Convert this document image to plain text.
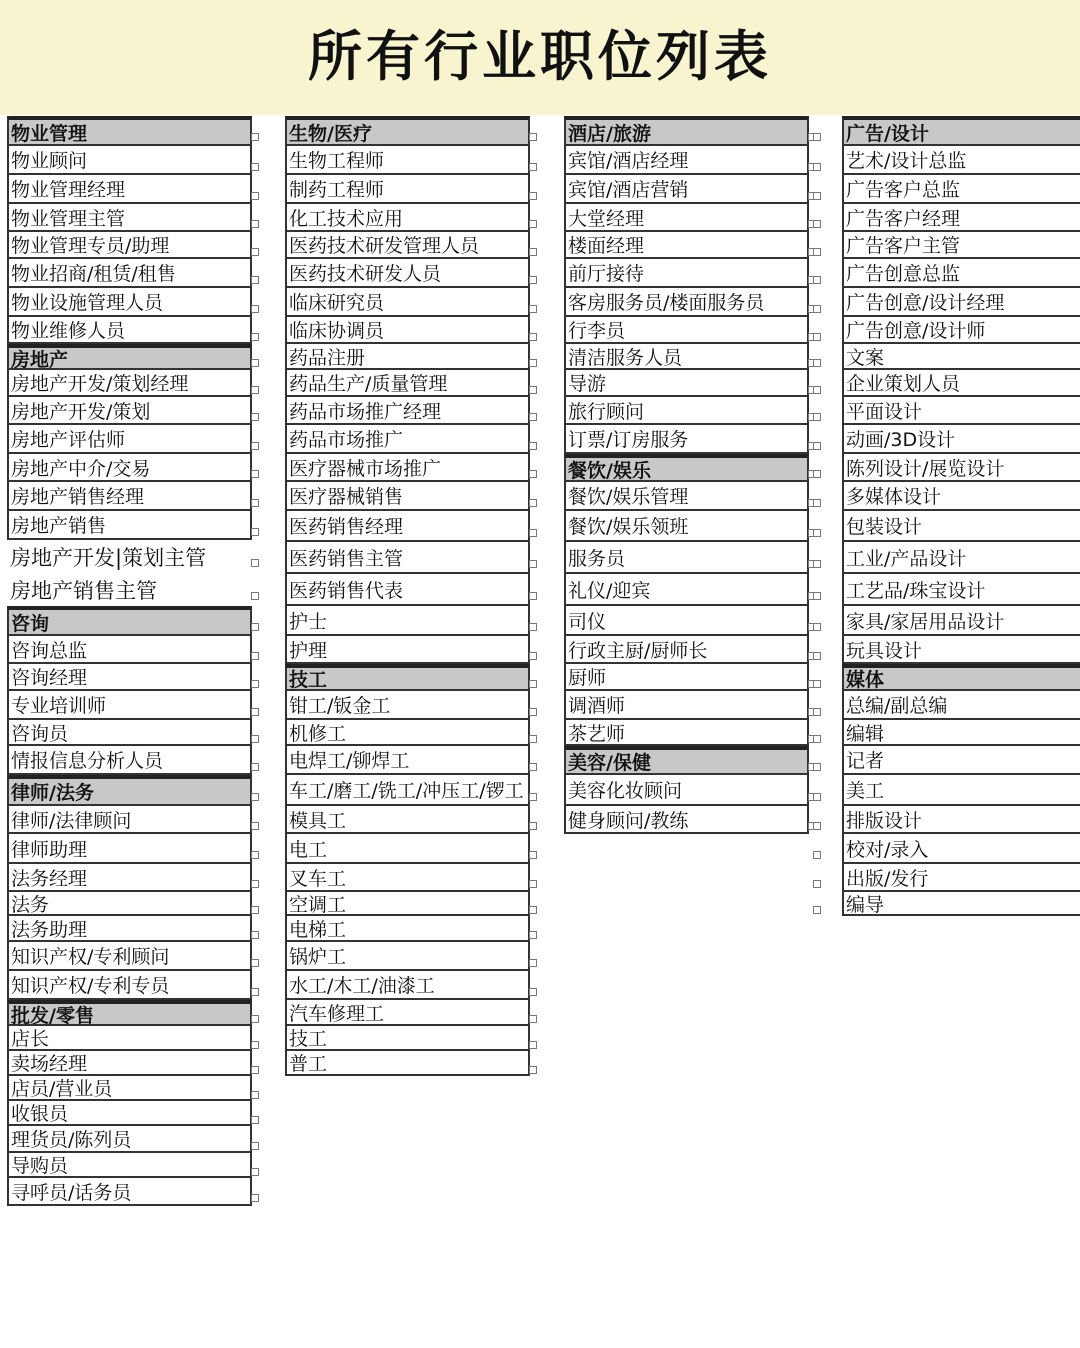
所有行业职位列表
物业管理
物业顾问
物业管理经理
物业管理主管
物业管理专员/助理
物业招商/租赁/租售
物业设施管理人员
物业维修人员
房地产
房地产开发/策划经理
房地产开发/策划
房地产评估师
房地产中介/交易
房地产销售经理
房地产销售
房地产开发|策划主管
房地产销售主管
咨询
咨询总监
咨询经理
专业培训师
咨询员
情报信息分析人员
律师/法务
律师/法律顾问
律师助理
法务经理
法务
法务助理
知识产权/专利顾问
知识产权/专利专员
批发/零售
店长
卖场经理
店员/营业员
收银员
理货员/陈列员
导购员
寻呼员/话务员
生物/医疗
生物工程师
制药工程师
化工技术应用
医药技术研发管理人员
医药技术研发人员
临床研究员
临床协调员
药品注册
药品生产/质量管理
药品市场推广经理
药品市场推广
医疗器械市场推广
医疗器械销售
医药销售经理
医药销售主管
医药销售代表
护士
护理
技工
钳工/钣金工
机修工
电焊工/铆焊工
车工/磨工/铣工/冲压工/锣工
模具工
电工
叉车工
空调工
电梯工
锅炉工
水工/木工/油漆工
汽车修理工
技工
普工
酒店/旅游
宾馆/酒店经理
宾馆/酒店营销
大堂经理
楼面经理
前厅接待
客房服务员/楼面服务员
行李员
清洁服务人员
导游
旅行顾问
订票/订房服务
餐饮/娱乐
餐饮/娱乐管理
餐饮/娱乐领班
服务员
礼仪/迎宾
司仪
行政主厨/厨师长
厨师
调酒师
茶艺师
美容/保健
美容化妆顾问
健身顾问/教练
广告/设计
艺术/设计总监
广告客户总监
广告客户经理
广告客户主管
广告创意总监
广告创意/设计经理
广告创意/设计师
文案
企业策划人员
平面设计
动画/3D设计
陈列设计/展览设计
多媒体设计
包装设计
工业/产品设计
工艺品/珠宝设计
家具/家居用品设计
玩具设计
媒体
总编/副总编
编辑
记者
美工
排版设计
校对/录入
出版/发行
编导
